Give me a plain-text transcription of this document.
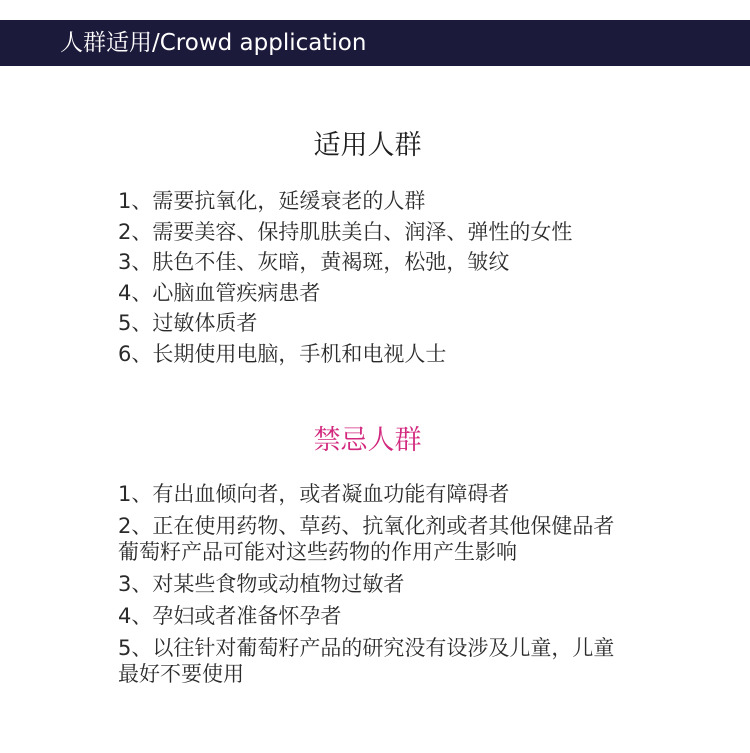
人群适用/Crowd application
适用人群
1、需要抗氧化，延缓衰老的人群
2、需要美容、保持肌肤美白、润泽、弹性的女性
3、肤色不佳、灰暗，黄褐斑，松弛，皱纹
4、心脑血管疾病患者
5、过敏体质者
6、长期使用电脑，手机和电视人士
禁忌人群
1、有出血倾向者，或者凝血功能有障碍者
2、正在使用药物、草药、抗氧化剂或者其他保健品者
葡萄籽产品可能对这些药物的作用产生影响
3、对某些食物或动植物过敏者
4、孕妇或者准备怀孕者
5、以往针对葡萄籽产品的研究没有设涉及儿童，儿童
最好不要使用
